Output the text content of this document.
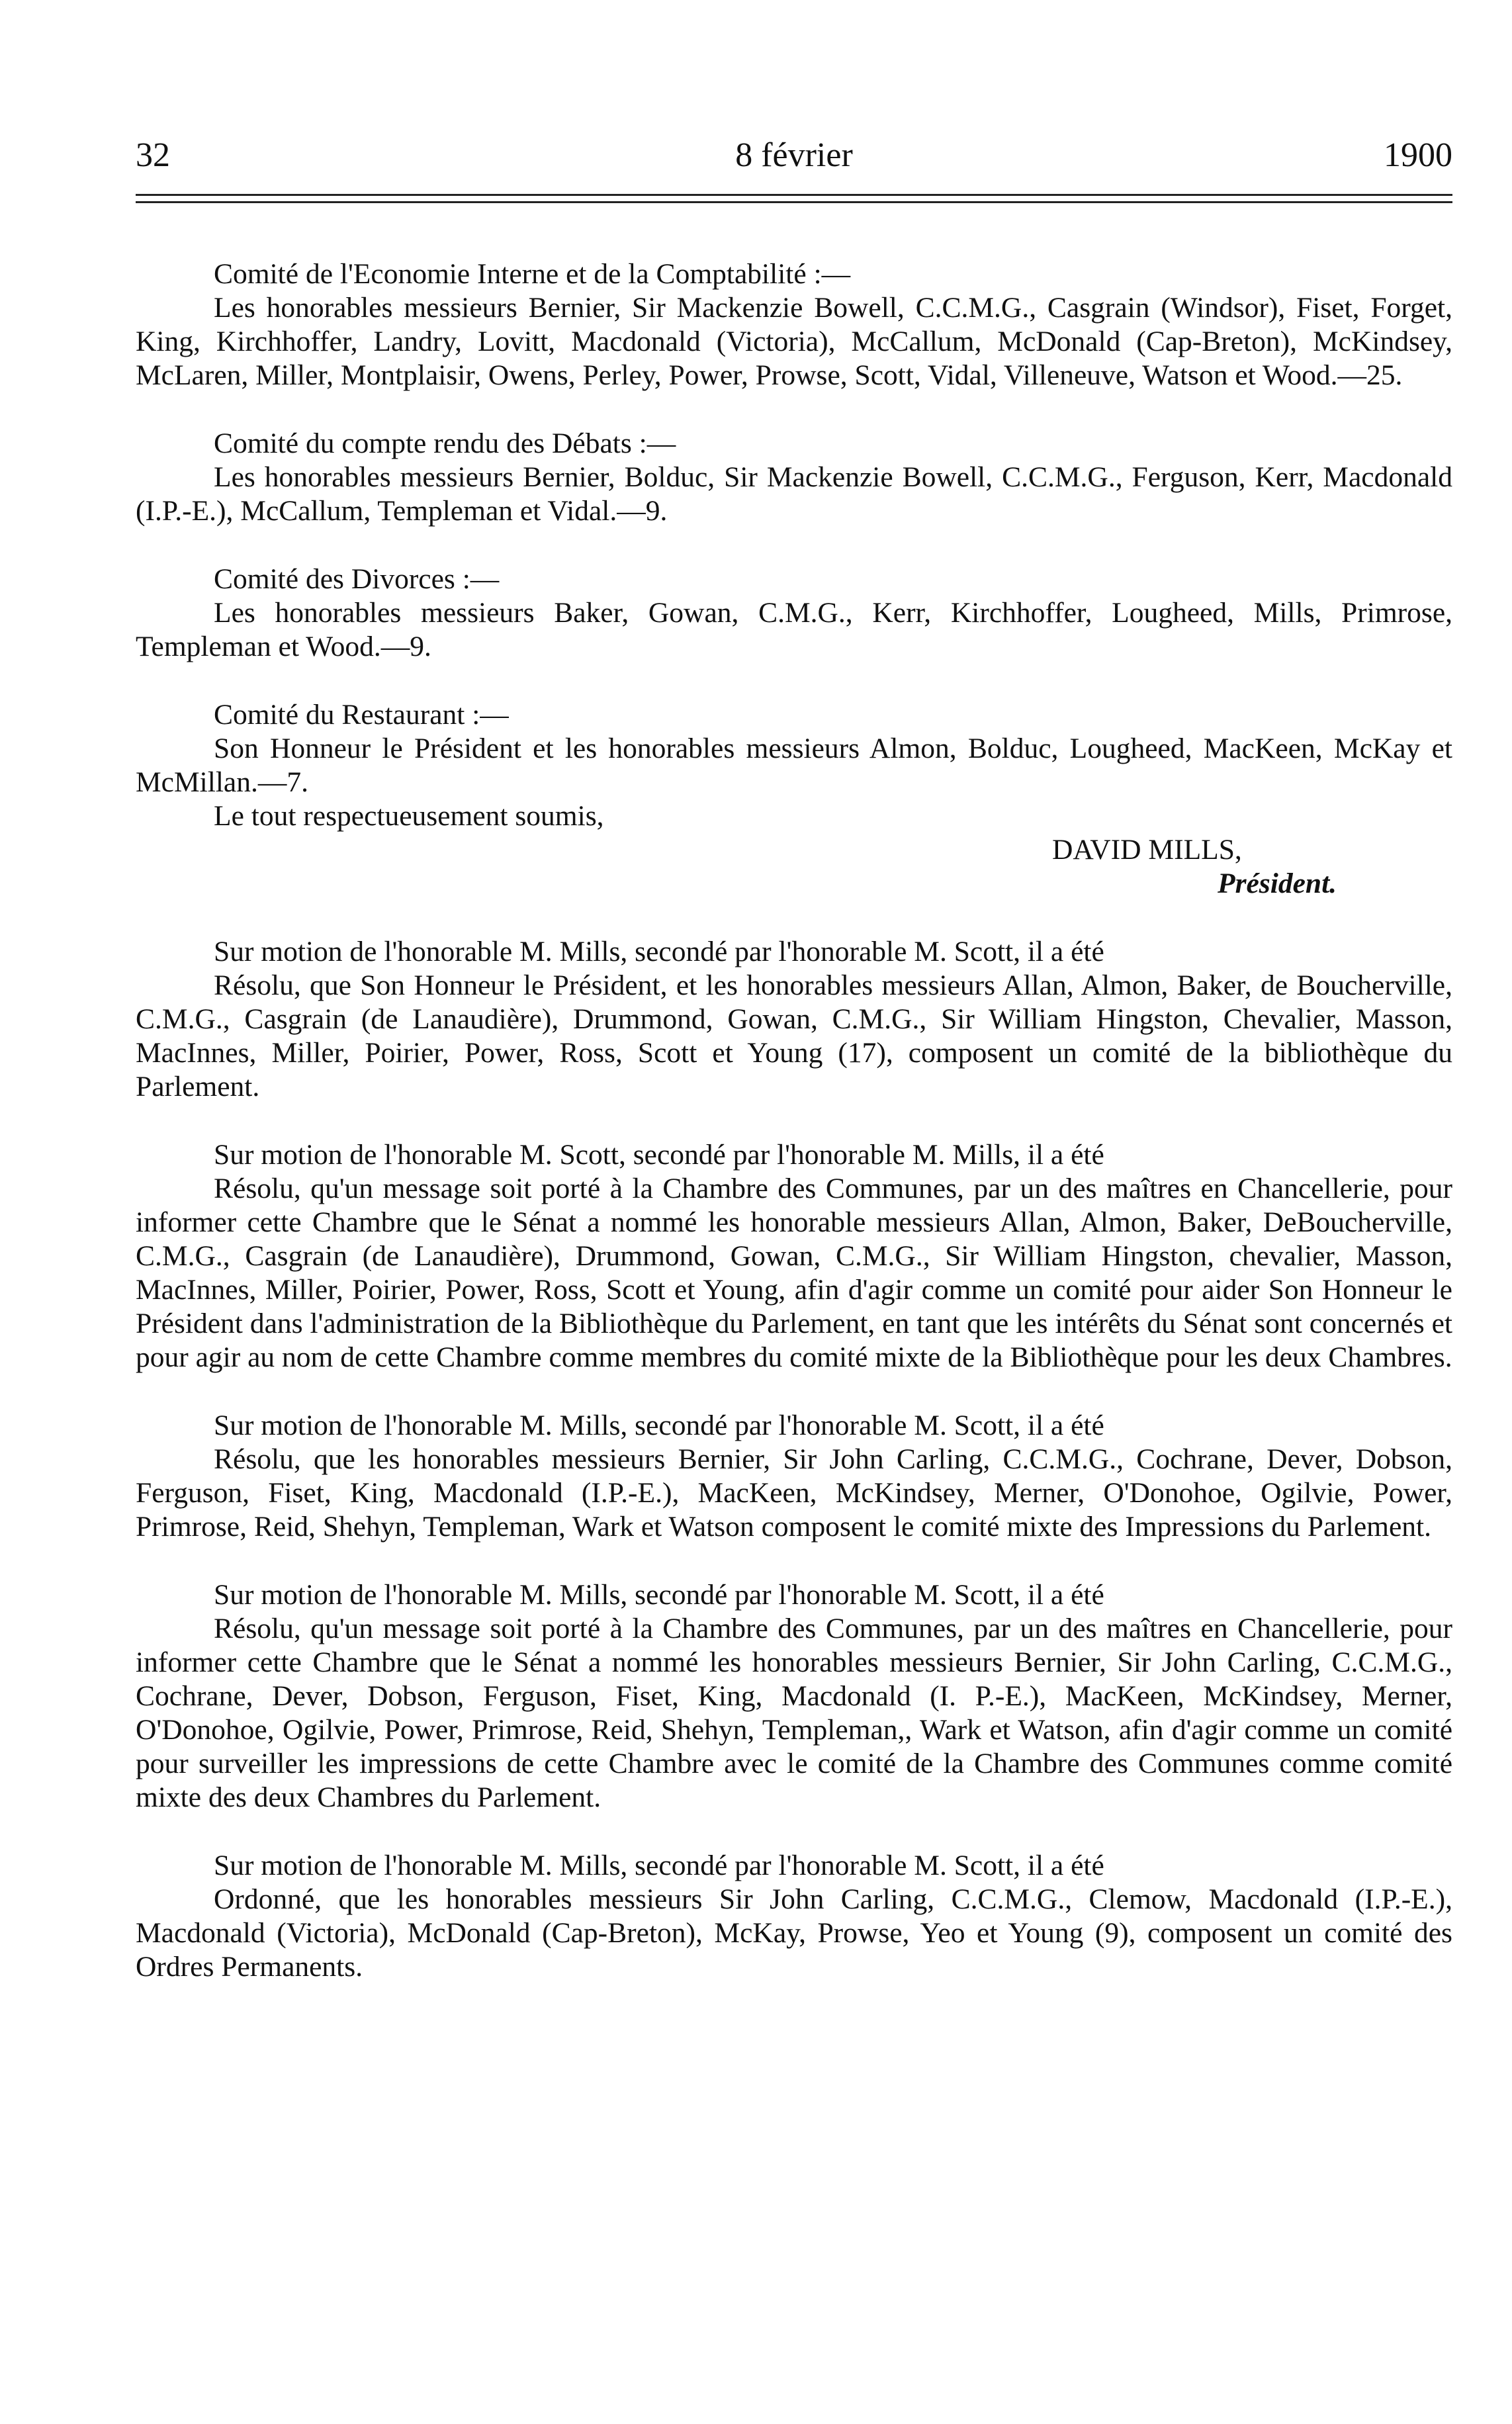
32	8 février	1900

Comité de l'Economie Interne et de la Comptabilité :—

Les honorables messieurs Bernier, Sir Mackenzie Bowell, C.C.M.G., Casgrain (Windsor), Fiset, Forget, King, Kirchhoffer, Landry, Lovitt, Macdonald (Victoria), McCallum, McDonald (Cap-Breton), McKindsey, McLaren, Miller, Montplaisir, Owens, Perley, Power, Prowse, Scott, Vidal, Villeneuve, Watson et Wood.—25.

Comité du compte rendu des Débats :—

Les honorables messieurs Bernier, Bolduc, Sir Mackenzie Bowell, C.C.M.G., Ferguson, Kerr, Macdonald (I.P.-E.), McCallum, Templeman et Vidal.—9.

Comité des Divorces :—

Les honorables messieurs Baker, Gowan, C.M.G., Kerr, Kirchhoffer, Lougheed, Mills, Primrose, Templeman et Wood.—9.

Comité du Restaurant :—

Son Honneur le Président et les honorables messieurs Almon, Bolduc, Lougheed, MacKeen, McKay et McMillan.—7.

Le tout respectueusement soumis,

DAVID MILLS,

Président.

Sur motion de l'honorable M. Mills, secondé par l'honorable M. Scott, il a été

Résolu, que Son Honneur le Président, et les honorables messieurs Allan, Almon, Baker, de Boucherville, C.M.G., Casgrain (de Lanaudière), Drummond, Gowan, C.M.G., Sir William Hingston, Chevalier, Masson, MacInnes, Miller, Poirier, Power, Ross, Scott et Young (17), composent un comité de la bibliothèque du Parlement.

Sur motion de l'honorable M. Scott, secondé par l'honorable M. Mills, il a été

Résolu, qu'un message soit porté à la Chambre des Communes, par un des maîtres en Chancellerie, pour informer cette Chambre que le Sénat a nommé les honorable messieurs Allan, Almon, Baker, DeBoucherville, C.M.G., Casgrain (de Lanaudière), Drummond, Gowan, C.M.G., Sir William Hingston, chevalier, Masson, MacInnes, Miller, Poirier, Power, Ross, Scott et Young, afin d'agir comme un comité pour aider Son Honneur le Président dans l'administration de la Bibliothèque du Parlement, en tant que les intérêts du Sénat sont concernés et pour agir au nom de cette Chambre comme membres du comité mixte de la Bibliothèque pour les deux Chambres.

Sur motion de l'honorable M. Mills, secondé par l'honorable M. Scott, il a été

Résolu, que les honorables messieurs Bernier, Sir John Carling, C.C.M.G., Cochrane, Dever, Dobson, Ferguson, Fiset, King, Macdonald (I.P.-E.), MacKeen, McKindsey, Merner, O'Donohoe, Ogilvie, Power, Primrose, Reid, Shehyn, Templeman, Wark et Watson composent le comité mixte des Impressions du Parlement.

Sur motion de l'honorable M. Mills, secondé par l'honorable M. Scott, il a été

Résolu, qu'un message soit porté à la Chambre des Communes, par un des maîtres en Chancellerie, pour informer cette Chambre que le Sénat a nommé les honorables messieurs Bernier, Sir John Carling, C.C.M.G., Cochrane, Dever, Dobson, Ferguson, Fiset, King, Macdonald (I. P.-E.), MacKeen, McKindsey, Merner, O'Donohoe, Ogilvie, Power, Primrose, Reid, Shehyn, Templeman,, Wark et Watson, afin d'agir comme un comité pour surveiller les impressions de cette Chambre avec le comité de la Chambre des Communes comme comité mixte des deux Chambres du Parlement.

Sur motion de l'honorable M. Mills, secondé par l'honorable M. Scott, il a été

Ordonné, que les honorables messieurs Sir John Carling, C.C.M.G., Clemow, Macdonald (I.P.-E.), Macdonald (Victoria), McDonald (Cap-Breton), McKay, Prowse, Yeo et Young (9), composent un comité des Ordres Permanents.
